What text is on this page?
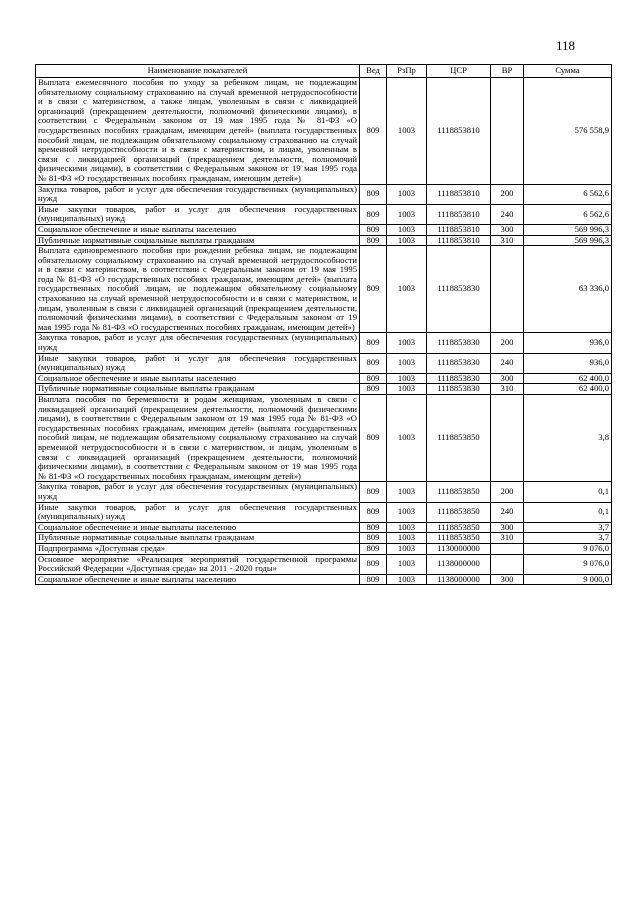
118
Наименование показателей	Вед	РзПр	ЦСР	ВР	Сумма
Выплата ежемесячного пособия по уходу за ребенком лицам, не подлежащим обязательному социальному страхованию на случай временной нетрудоспособности и в связи с материнством, а также лицам, уволенным в связи с ликвидацией организаций (прекращением деятельности, полномочий физическими лицами), в соответствии с Федеральным законом от 19 мая 1995 года № 81-ФЗ «О государственных пособиях гражданам, имеющим детей» (выплата государственных пособий лицам, не подлежащим обязательному социальному страхованию на случай временной нетрудоспособности и в связи с материнством, и лицам, уволенным в связи с ликвидацией организаций (прекращением деятельности, полномочий физическими лицами), в соответствии с Федеральным законом от 19 мая 1995 года № 81-ФЗ «О государственных пособиях гражданам, имеющим детей»)	809	1003	1118853810		576 558,9
Закупка товаров, работ и услуг для обеспечения государственных (муниципальных) нужд	809	1003	1118853810	200	6 562,6
Иные закупки товаров, работ и услуг для обеспечения государственных (муниципальных) нужд	809	1003	1118853810	240	6 562,6
Социальное обеспечение и иные выплаты населению	809	1003	1118853810	300	569 996,3
Публичные нормативные социальные выплаты гражданам	809	1003	1118853810	310	569 996,3
Выплата единовременного пособия при рождении ребенка лицам, не подлежащим обязательному социальному страхованию на случай временной нетрудоспособности и в связи с материнством, в соответствии с Федеральным законом от 19 мая 1995 года № 81-ФЗ «О государственных пособиях гражданам, имеющим детей» (выплата государственных пособий лицам, не подлежащим обязательному социальному страхованию на случай временной нетрудоспособности и в связи с материнством, и лицам, уволенным в связи с ликвидацией организаций (прекращением деятельности, полномочий физическими лицами), в соответствии с Федеральным законом от 19 мая 1995 года № 81-ФЗ «О государственных пособиях гражданам, имеющим детей»)	809	1003	1118853830		63 336,0
Закупка товаров, работ и услуг для обеспечения государственных (муниципальных) нужд	809	1003	1118853830	200	936,0
Иные закупки товаров, работ и услуг для обеспечения государственных (муниципальных) нужд	809	1003	1118853830	240	936,0
Социальное обеспечение и иные выплаты населению	809	1003	1118853830	300	62 400,0
Публичные нормативные социальные выплаты гражданам	809	1003	1118853830	310	62 400,0
Выплата пособия по беременности и родам женщинам, уволенным в связи с ликвидацией организаций (прекращением деятельности, полномочий физическими лицами), в соответствии с Федеральным законом от 19 мая 1995 года № 81-ФЗ «О государственных пособиях гражданам, имеющим детей» (выплата государственных пособий лицам, не подлежащим обязательному социальному страхованию на случай временной нетрудоспособности и в связи с материнством, и лицам, уволенным в связи с ликвидацией организаций (прекращением деятельности, полномочий физическими лицами), в соответствии с Федеральным законом от 19 мая 1995 года № 81-ФЗ «О государственных пособиях гражданам, имеющим детей»)	809	1003	1118853850		3,8
Закупка товаров, работ и услуг для обеспечения государственных (муниципальных) нужд	809	1003	1118853850	200	0,1
Иные закупки товаров, работ и услуг для обеспечения государственных (муниципальных) нужд	809	1003	1118853850	240	0,1
Социальное обеспечение и иные выплаты населению	809	1003	1118853850	300	3,7
Публичные нормативные социальные выплаты гражданам	809	1003	1118853850	310	3,7
Подпрограмма «Доступная среда»	809	1003	1130000000		9 076,0
Основное мероприятие «Реализация мероприятий государственной программы Российской Федерации «Доступная среда» на 2011 - 2020 годы»	809	1003	1138000000		9 076,0
Социальное обеспечение и иные выплаты населению	809	1003	1138000000	300	9 000,0
